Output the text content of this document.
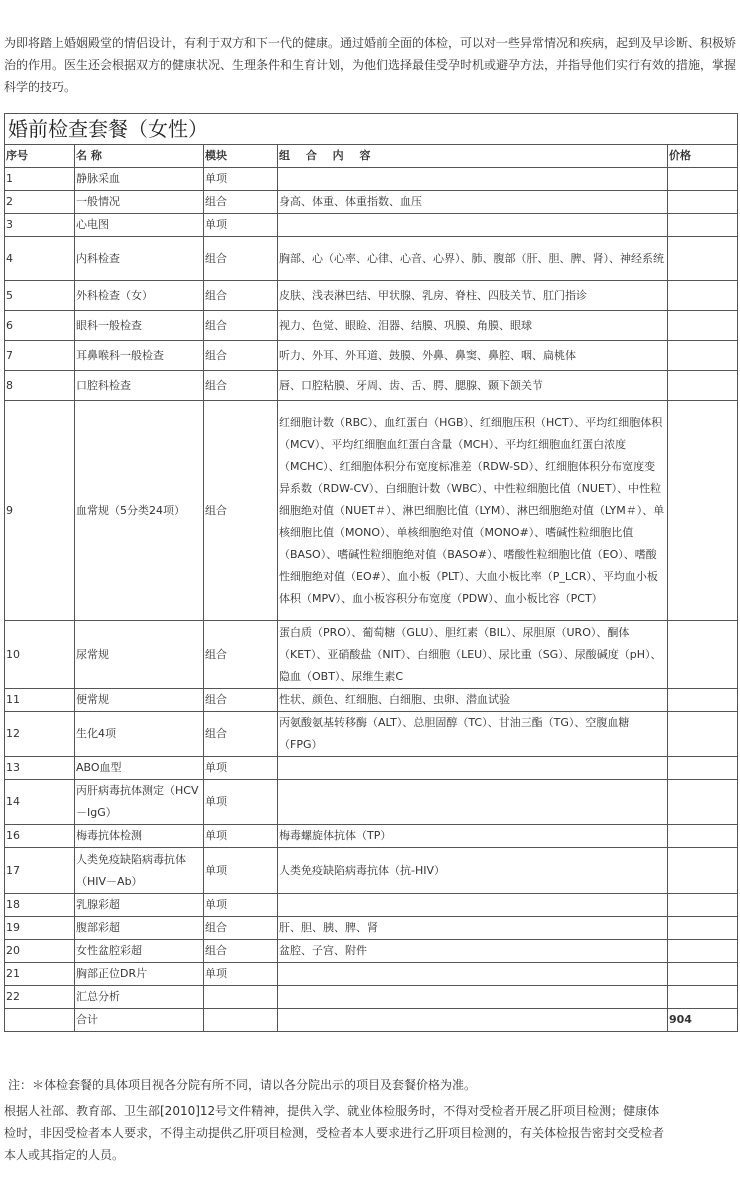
为即将踏上婚姻殿堂的情侣设计，有利于双方和下一代的健康。通过婚前全面的体检，可以对一些异常情况和疾病，起到及早诊断、积极矫治的作用。医生还会根据双方的健康状况、生理条件和生育计划，为他们选择最佳受孕时机或避孕方法，并指导他们实行有效的措施，掌握科学的技巧。
婚前检查套餐（女性）				
序号	名 称	模块	组 合 内 容	价格
1	静脉采血	单项		
2	一般情况	组合	身高、体重、体重指数、血压	
3	心电图	单项		
4	内科检查	组合	胸部、心（心率、心律、心音、心界）、肺、腹部（肝、胆、脾、肾）、神经系统	
5	外科检查（女）	组合	皮肤、浅表淋巴结、甲状腺、乳房、脊柱、四肢关节、肛门指诊	
6	眼科一般检查	组合	视力、色觉、眼睑、泪器、结膜、巩膜、角膜、眼球	
7	耳鼻喉科一般检查	组合	听力、外耳、外耳道、鼓膜、外鼻、鼻窦、鼻腔、咽、扁桃体	
8	口腔科检查	组合	唇、口腔粘膜、牙周、齿、舌、腭、腮腺、颞下颌关节	
9	血常规（5分类24项）	组合	红细胞计数（RBC）、血红蛋白（HGB）、红细胞压积（HCT）、平均红细胞体积（MCV）、平均红细胞血红蛋白含量（MCH）、平均红细胞血红蛋白浓度（MCHC）、红细胞体积分布宽度标准差（RDW-SD）、红细胞体积分布宽度变异系数（RDW-CV）、白细胞计数（WBC）、中性粒细胞比值（NUET）、中性粒细胞绝对值（NUET＃）、淋巴细胞比值（LYM）、淋巴细胞绝对值（LYM＃）、单核细胞比值（MONO）、单核细胞绝对值（MONO#）、嗜碱性粒细胞比值（BASO）、嗜碱性粒细胞绝对值（BASO#）、嗜酸性粒细胞比值（EO）、嗜酸性细胞绝对值（EO#）、血小板（PLT）、大血小板比率（P_LCR）、平均血小板体积（MPV）、血小板容积分布宽度（PDW）、血小板比容（PCT）	
10	尿常规	组合	蛋白质（PRO）、葡萄糖（GLU）、胆红素（BIL）、尿胆原（URO）、酮体（KET）、亚硝酸盐（NIT）、白细胞（LEU）、尿比重（SG）、尿酸碱度（pH）、隐血（OBT）、尿维生素C	
11	便常规	组合	性状、颜色、红细胞、白细胞、虫卵、潜血试验	
12	生化4项	组合	丙氨酸氨基转移酶（ALT）、总胆固醇（TC）、甘油三酯（TG）、空腹血糖（FPG）	
13	ABO血型	单项		
14	丙肝病毒抗体测定（HCV－IgG）	单项		
16	梅毒抗体检测	单项	梅毒螺旋体抗体（TP）	
17	人类免疫缺陷病毒抗体（HIV－Ab）	单项	人类免疫缺陷病毒抗体（抗-HIV）	
18	乳腺彩超	单项		
19	腹部彩超	组合	肝、胆、胰、脾、肾	
20	女性盆腔彩超	组合	盆腔、子宫、附件	
21	胸部正位DR片	单项		
22	汇总分析			
	合计			904
注：＊体检套餐的具体项目视各分院有所不同，请以各分院出示的项目及套餐价格为准。
根据人社部、教育部、卫生部[2010]12号文件精神，提供入学、就业体检服务时，不得对受检者开展乙肝项目检测；健康体检时，非因受检者本人要求，不得主动提供乙肝项目检测，受检者本人要求进行乙肝项目检测的，有关体检报告密封交受检者本人或其指定的人员。
